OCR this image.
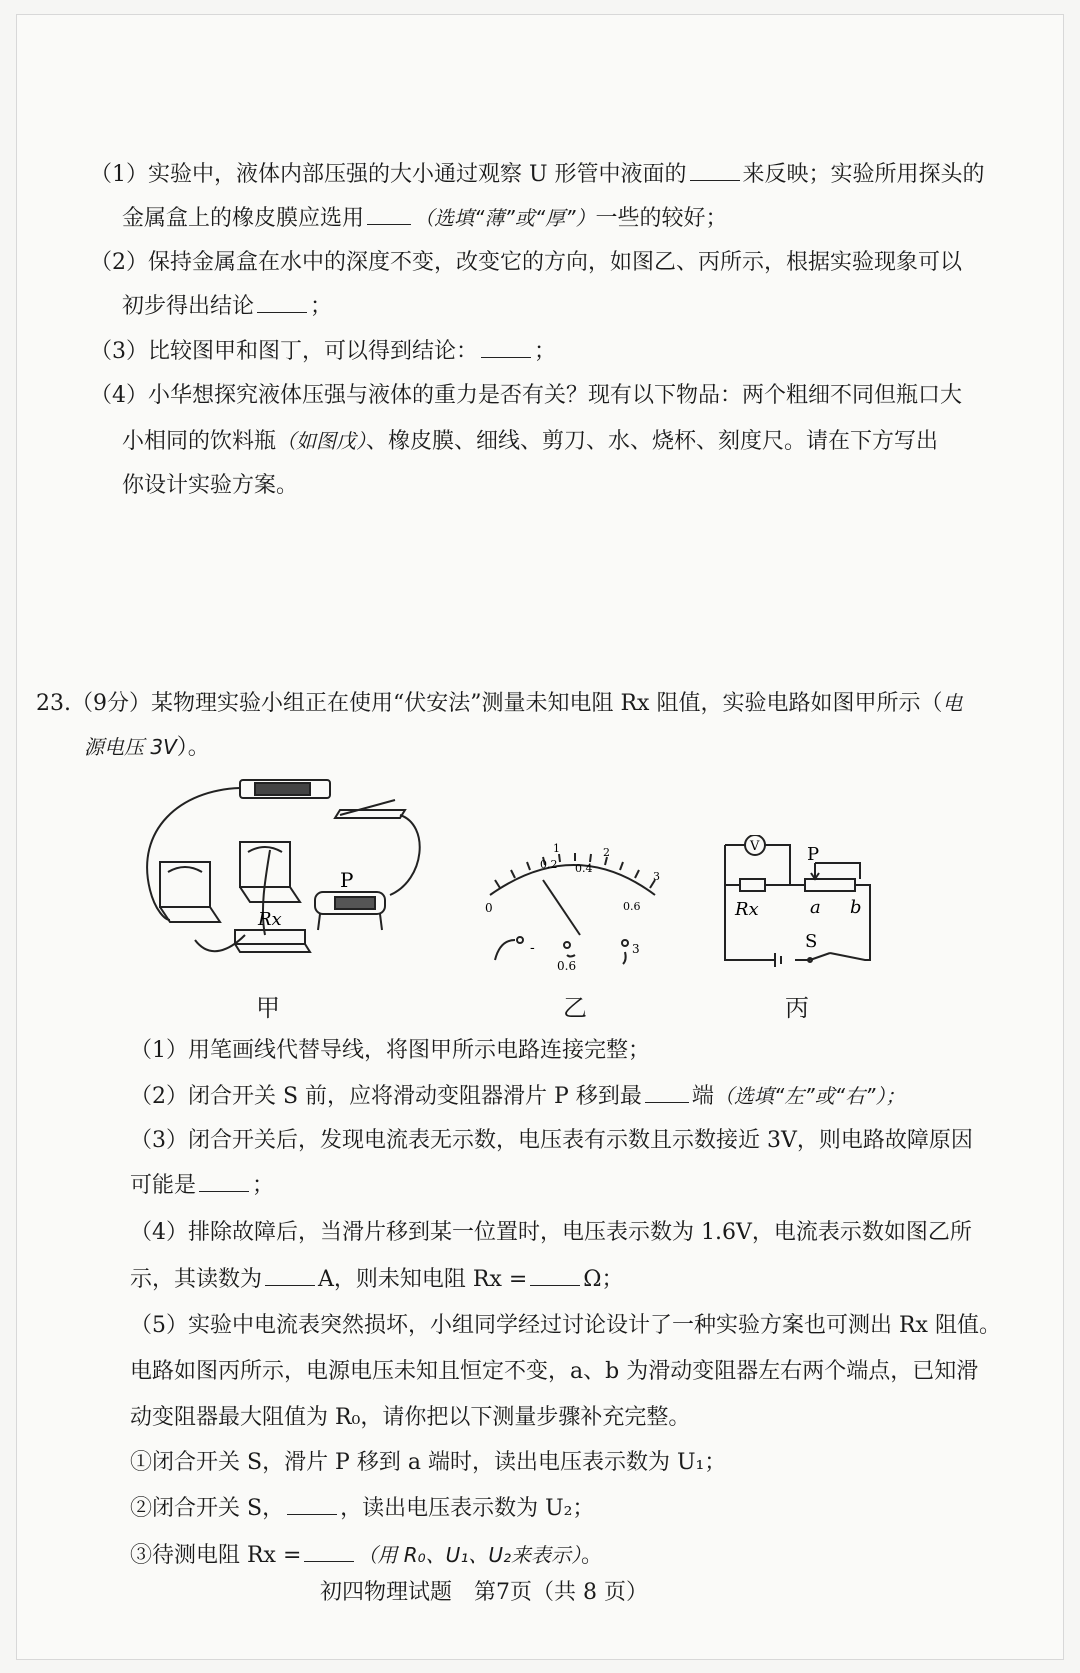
（1）实验中，液体内部压强的大小通过观察 U 形管中液面的	来反映；实验所用探头的
金属盒上的橡皮膜应选用	（选填“薄”或“厚”）一些的较好；
（2）保持金属盒在水中的深度不变，改变它的方向，如图乙、丙所示，根据实验现象可以
初步得出结论	；
（3）比较图甲和图丁，可以得到结论：	；
（4）小华想探究液体压强与液体的重力是否有关？现有以下物品：两个粗细不同但瓶口大
小相同的饮料瓶（如图戊）、橡皮膜、细线、剪刀、水、烧杯、刻度尺。请在下方写出
你设计实验方案。
23.（9分）某物理实验小组正在使用“伏安法”测量未知电阻 Rx 阻值，实验电路如图甲所示（电
源电压 3V）。
P
Rx
0
0.2 0.4
0.6
1	2
3
-
0.6
3
V	P
Rx	a b
S
甲	乙	丙
（1）用笔画线代替导线，将图甲所示电路连接完整；
（2）闭合开关 S 前，应将滑动变阻器滑片 P 移到最 端（选填“左”或“右”）；
（3）闭合开关后，发现电流表无示数，电压表有示数且示数接近 3V，则电路故障原因
可能是	；
（4）排除故障后，当滑片移到某一位置时，电压表示数为 1.6V，电流表示数如图乙所
示，其读数为	A，则未知电阻 Rx =	Ω；
（5）实验中电流表突然损坏，小组同学经过讨论设计了一种实验方案也可测出 Rx 阻值。
电路如图丙所示，电源电压未知且恒定不变，a、b 为滑动变阻器左右两个端点，已知滑
动变阻器最大阻值为 R₀，请你把以下测量步骤补充完整。
①闭合开关 S，滑片 P 移到 a 端时，读出电压表示数为 U₁；
②闭合开关 S，	，读出电压表示数为 U₂；
③待测电阻 Rx =	（用 R₀、U₁、U₂来表示）。
初四物理试题　第7页（共 8 页）
